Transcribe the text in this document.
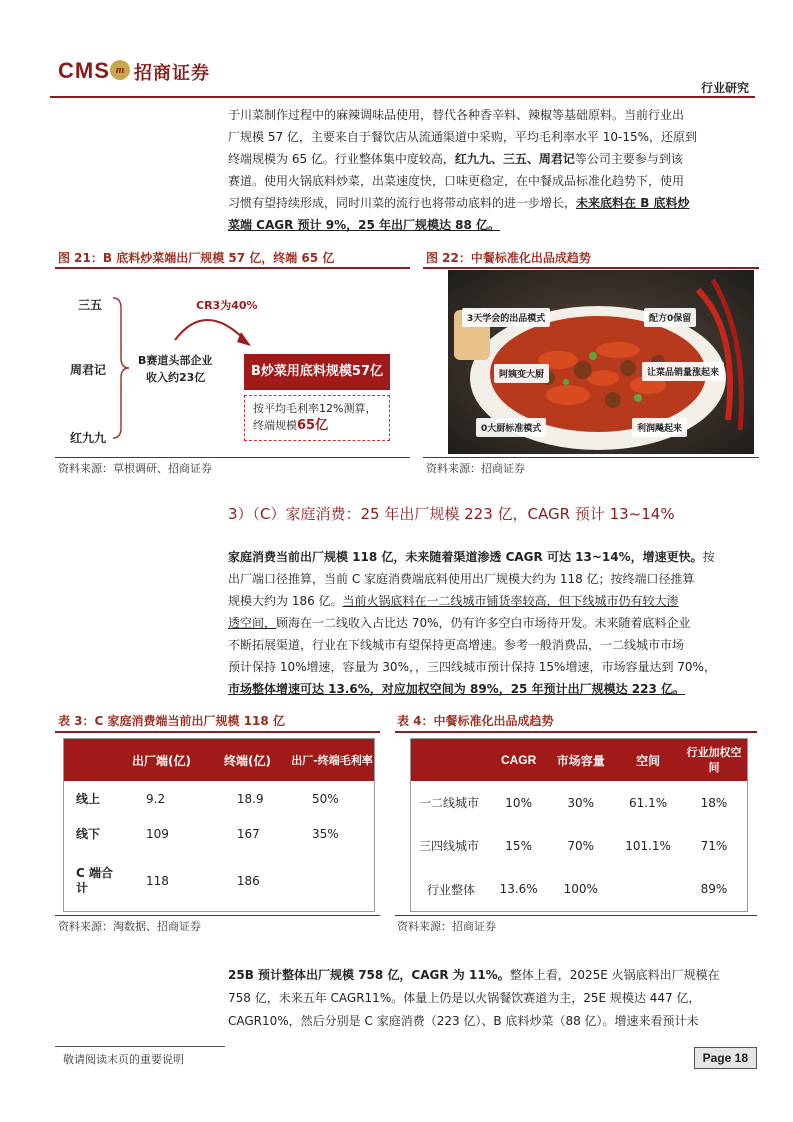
CMS m 招商证券
行业研究
于川菜制作过程中的麻辣调味品使用，替代各种香辛料、辣椒等基础原料。当前行业出
厂规模 57 亿，主要来自于餐饮店从流通渠道中采购，平均毛利率水平 10-15%，还原到
终端规模为 65 亿。行业整体集中度较高，红九九、三五、周君记等公司主要参与到该
赛道。使用火锅底料炒菜，出菜速度快，口味更稳定，在中餐成品标准化趋势下，使用
习惯有望持续形成，同时川菜的流行也将带动底料的进一步增长，未来底料在 B 底料炒
菜端 CAGR 预计 9%，25 年出厂规模达 88 亿。
图 21：B 底料炒菜端出厂规模 57 亿，终端 65 亿
三五
周君记
红九九
B赛道头部企业
收入约23亿
CR3为40%
B炒菜用底料规模57亿
按平均毛利率12%测算，
终端规模65亿
资料来源：草根调研、招商证券
图 22：中餐标准化出品成趋势
3天学会的出品模式	配方0保留
阿姨变大厨	让菜品销量涨起来
0大厨标准模式	利润飚起来
资料来源：招商证券
3）（C）家庭消费：25 年出厂规模 223 亿，CAGR 预计 13~14%
家庭消费当前出厂规模 118 亿，未来随着渠道渗透 CAGR 可达 13~14%，增速更快。按
出厂端口径推算，当前 C 家庭消费端底料使用出厂规模大约为 118 亿；按终端口径推算
规模大约为 186 亿。当前火锅底料在一二线城市铺货率较高，但下线城市仍有较大渗
透空间，顾海在一二线收入占比达 70%，仍有许多空白市场待开发。未来随着底料企业
不断拓展渠道，行业在下线城市有望保持更高增速。参考一般消费品，一二线城市市场
预计保持 10%增速，容量为 30%，，三四线城市预计保持 15%增速，市场容量达到 70%，
市场整体增速可达 13.6%，对应加权空间为 89%，25 年预计出厂规模达 223 亿。
表 3：C 家庭消费端当前出厂规模 118 亿
	出厂端(亿)	终端(亿)	出厂-终端毛利率
线上	9.2	18.9	50%
线下	109	167	35%
C 端合计	118	186	
资料来源：淘数据、招商证券
表 4：中餐标准化出品成趋势
	CAGR	市场容量	空间	行业加权空间
一二线城市	10%	30%	61.1%	18%
三四线城市	15%	70%	101.1%	71%
行业整体	13.6%	100%		89%
资料来源：招商证券
25B 预计整体出厂规模 758 亿，CAGR 为 11%。整体上看，2025E 火锅底料出厂规模在
758 亿，未来五年 CAGR11%。体量上仍是以火锅餐饮赛道为主，25E 规模达 447 亿，
CAGR10%，然后分别是 C 家庭消费（223 亿）、B 底料炒菜（88 亿）。增速来看预计未
敬请阅读末页的重要说明	Page 18
